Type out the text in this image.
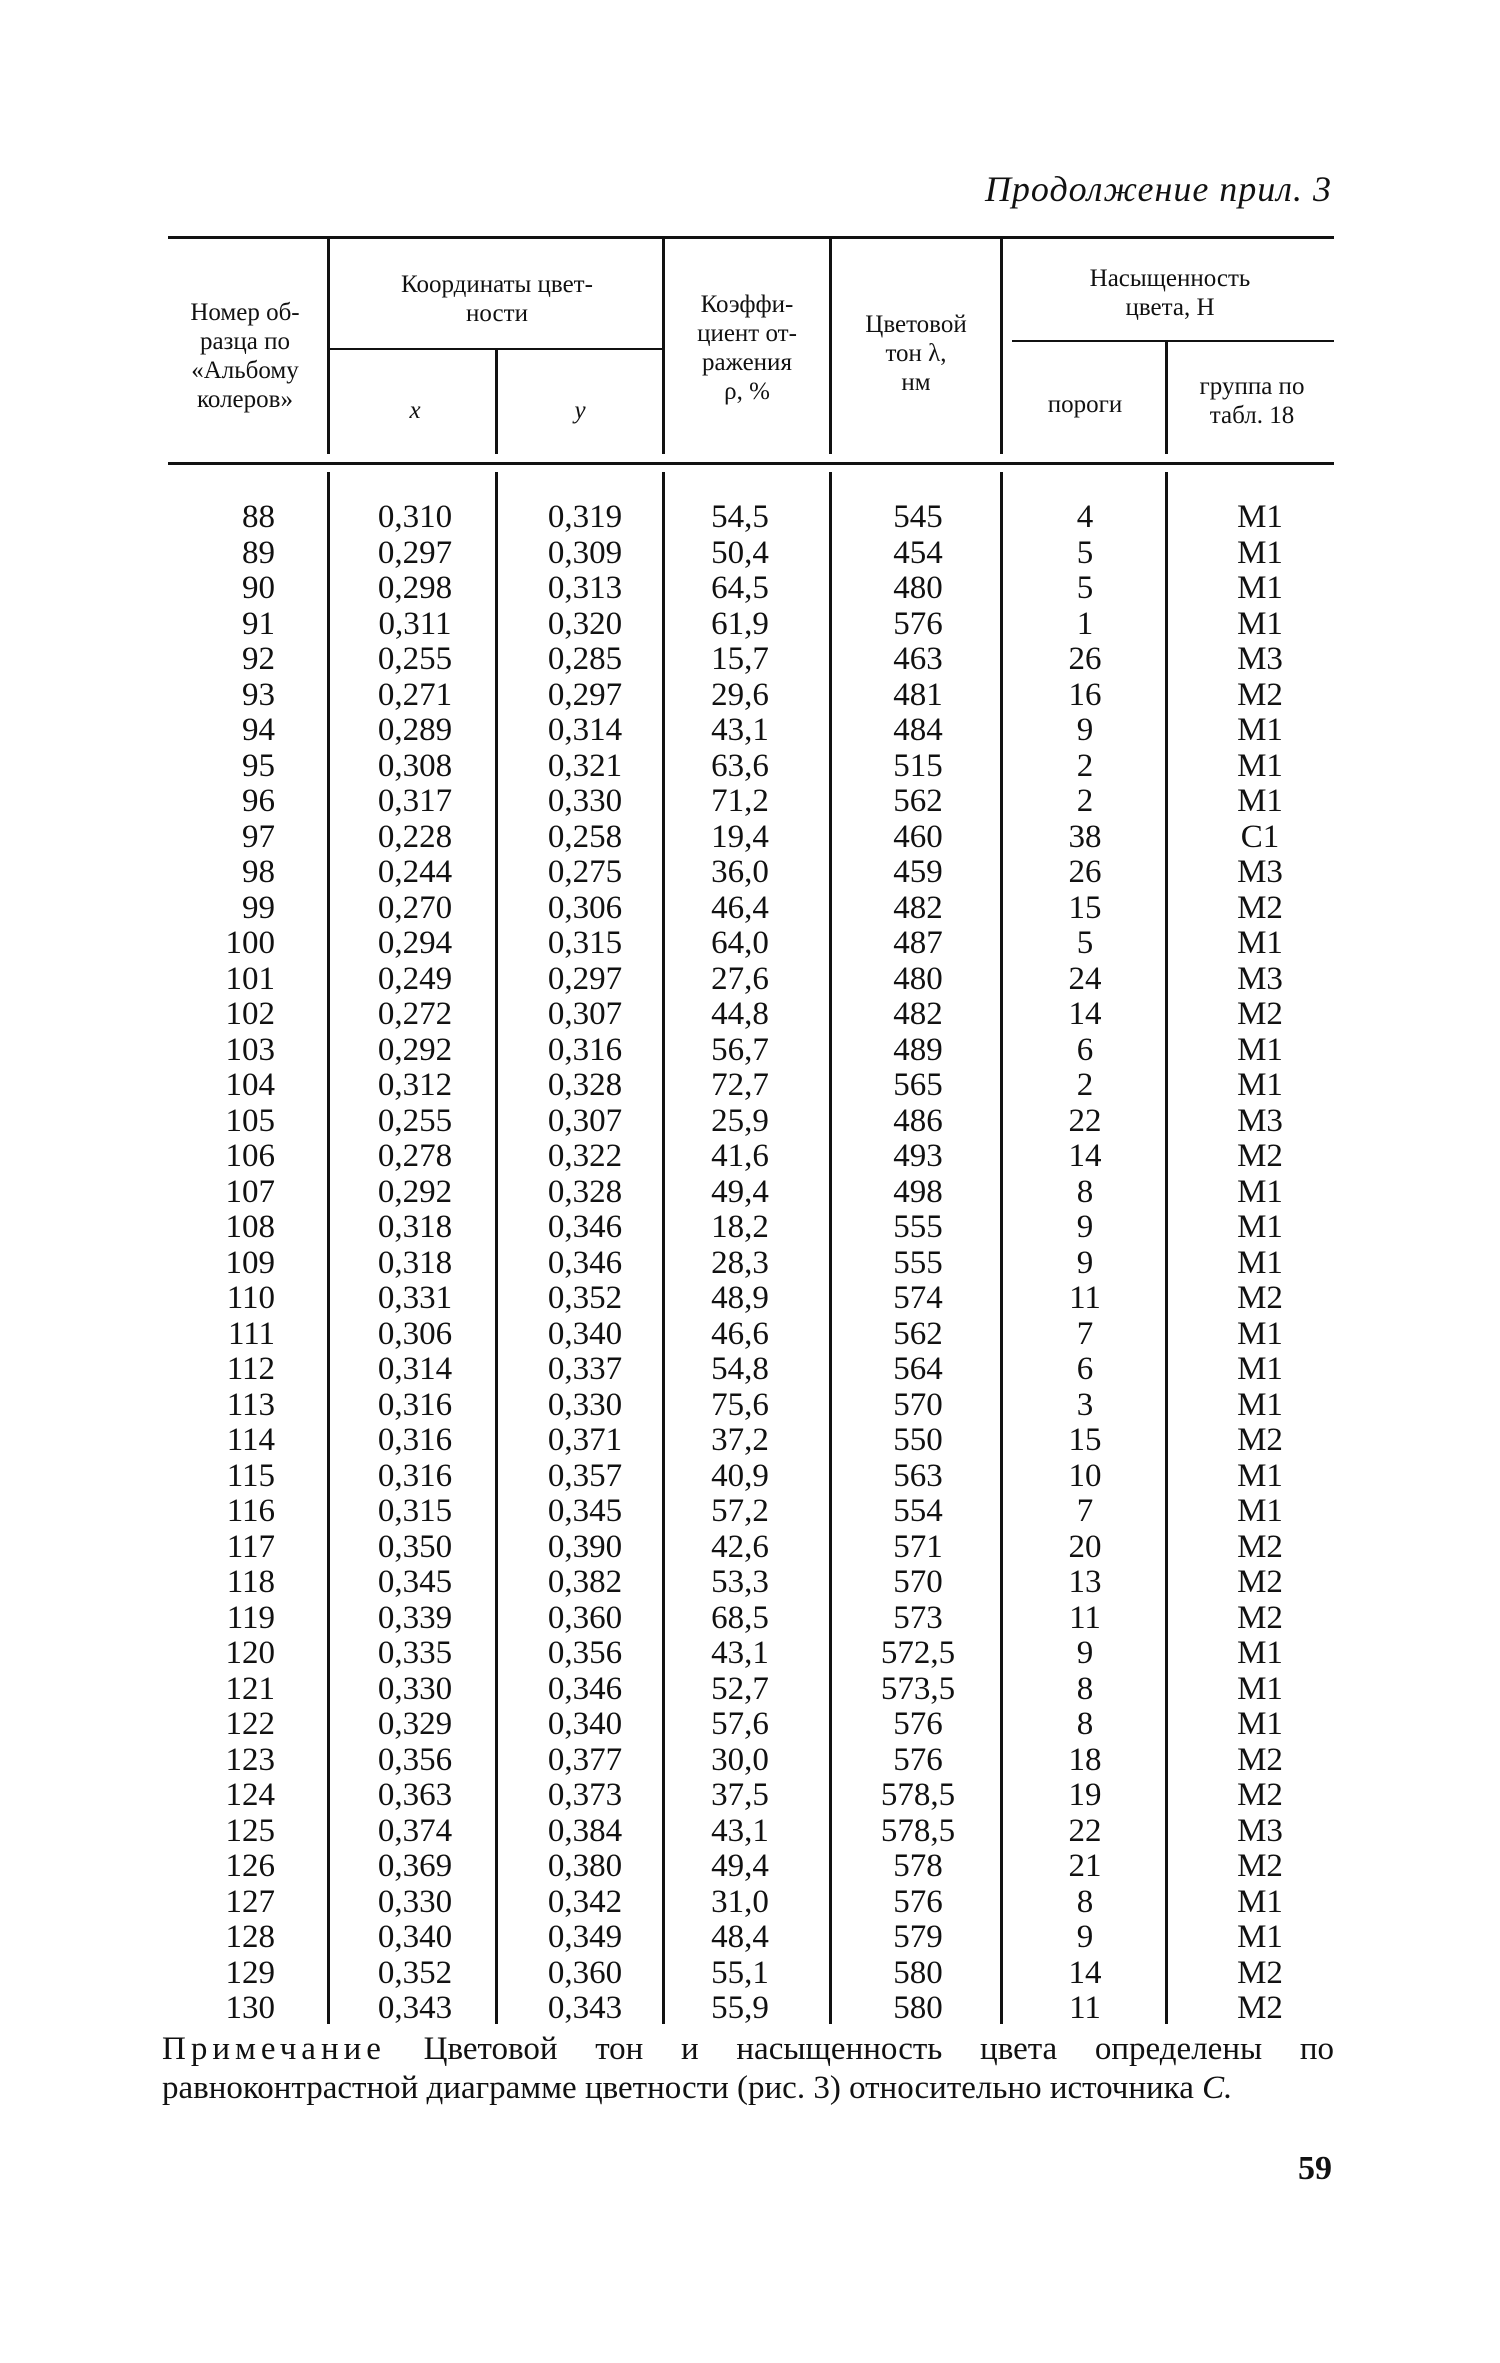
Продолжение прил. 3
Номер об-
разца по
«Альбому
колеров»
Координаты цвет-
ности
x	y
Коэффи-
циент от-
ражения
ρ, %
Цветовой
тон λ,
нм
Насыщенность
цвета, H
пороги
группа по
табл. 18
88
89
90
91
92
93
94
95
96
97
98
99
100
101
102
103
104
105
106
107
108
109
110
111
112
113
114
115
116
117
118
119
120
121
122
123
124
125
126
127
128
129
130
0,310
0,297
0,298
0,311
0,255
0,271
0,289
0,308
0,317
0,228
0,244
0,270
0,294
0,249
0,272
0,292
0,312
0,255
0,278
0,292
0,318
0,318
0,331
0,306
0,314
0,316
0,316
0,316
0,315
0,350
0,345
0,339
0,335
0,330
0,329
0,356
0,363
0,374
0,369
0,330
0,340
0,352
0,343
0,319
0,309
0,313
0,320
0,285
0,297
0,314
0,321
0,330
0,258
0,275
0,306
0,315
0,297
0,307
0,316
0,328
0,307
0,322
0,328
0,346
0,346
0,352
0,340
0,337
0,330
0,371
0,357
0,345
0,390
0,382
0,360
0,356
0,346
0,340
0,377
0,373
0,384
0,380
0,342
0,349
0,360
0,343
54,5
50,4
64,5
61,9
15,7
29,6
43,1
63,6
71,2
19,4
36,0
46,4
64,0
27,6
44,8
56,7
72,7
25,9
41,6
49,4
18,2
28,3
48,9
46,6
54,8
75,6
37,2
40,9
57,2
42,6
53,3
68,5
43,1
52,7
57,6
30,0
37,5
43,1
49,4
31,0
48,4
55,1
55,9
545
454
480
576
463
481
484
515
562
460
459
482
487
480
482
489
565
486
493
498
555
555
574
562
564
570
550
563
554
571
570
573
572,5
573,5
576
576
578,5
578,5
578
576
579
580
580
4
5
5
1
26
16
9
2
2
38
26
15
5
24
14
6
2
22
14
8
9
9
11
7
6
3
15
10
7
20
13
11
9
8
8
18
19
22
21
8
9
14
11
M1
M1
M1
M1
M3
M2
M1
M1
M1
C1
M3
M2
M1
M3
M2
M1
M1
M3
M2
M1
M1
M1
M2
M1
M1
M1
M2
M1
M1
M2
M2
M2
M1
M1
M1
M2
M2
M3
M2
M1
M1
M2
M2
Примечание Цветовой тон и насыщенность цвета определены по равноконтрастной диаграмме цветности (рис. 3) относительно источника C.
59
